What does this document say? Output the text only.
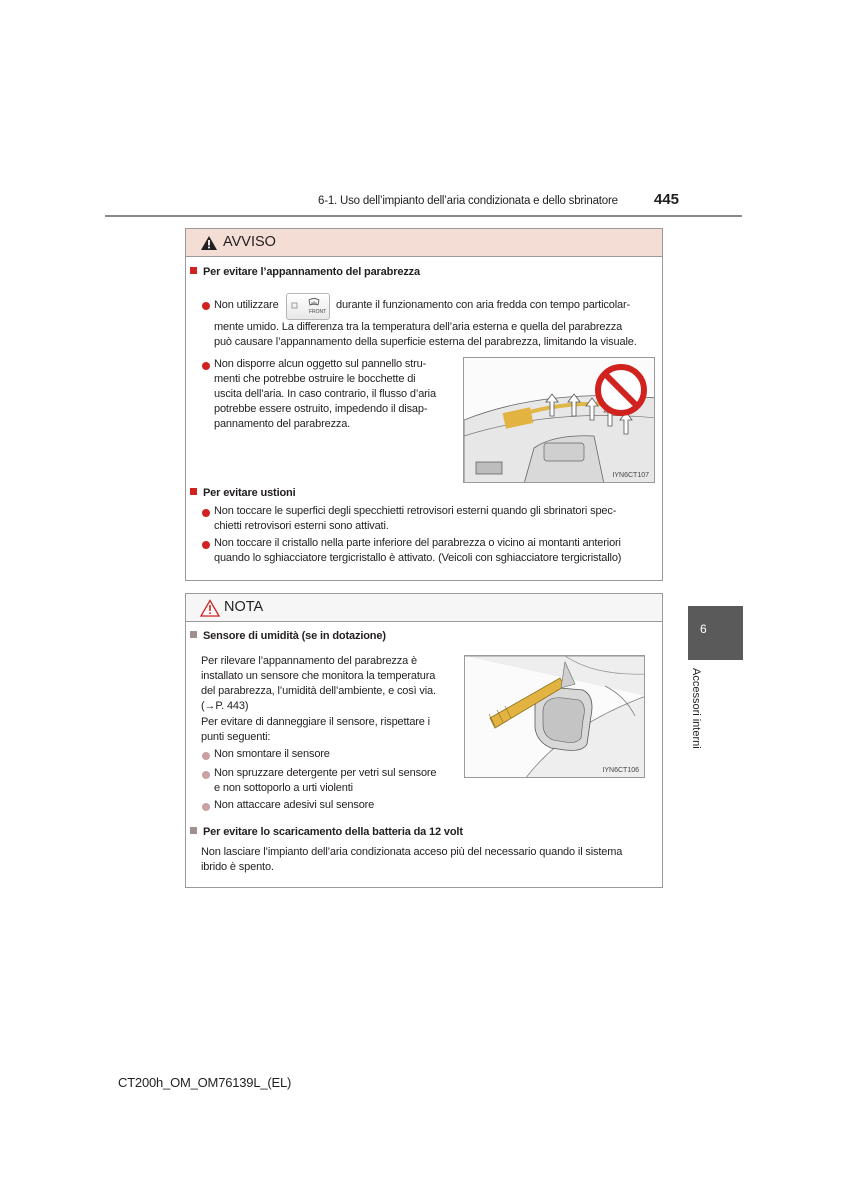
6-1. Uso dell’impianto dell’aria condizionata e dello sbrinatore 445
AVVISO
Per evitare l’appannamento del parabrezza
Non utilizzare
FRONT
durante il funzionamento con aria fredda con tempo particolar-
mente umido. La differenza tra la temperatura dell’aria esterna e quella del parabrezza
può causare l’appannamento della superficie esterna del parabrezza, limitando la visuale.
Non disporre alcun oggetto sul pannello stru-
menti che potrebbe ostruire le bocchette di
uscita dell’aria. In caso contrario, il flusso d’aria
potrebbe essere ostruito, impedendo il disap-
pannamento del parabrezza.
IYN6CT107
Per evitare ustioni
Non toccare le superfici degli specchietti retrovisori esterni quando gli sbrinatori spec-
chietti retrovisori esterni sono attivati.
Non toccare il cristallo nella parte inferiore del parabrezza o vicino ai montanti anteriori
quando lo sghiacciatore tergicristallo è attivato. (Veicoli con sghiacciatore tergicristallo)
NOTA
Sensore di umidità (se in dotazione)
Per rilevare l’appannamento del parabrezza è
installato un sensore che monitora la temperatura
del parabrezza, l’umidità dell’ambiente, e così via.
(→P. 443)
Per evitare di danneggiare il sensore, rispettare i
punti seguenti:
Non smontare il sensore
Non spruzzare detergente per vetri sul sensore
e non sottoporlo a urti violenti
Non attaccare adesivi sul sensore
IYN6CT106
Per evitare lo scaricamento della batteria da 12 volt
Non lasciare l’impianto dell’aria condizionata acceso più del necessario quando il sistema
ibrido è spento.
6
Accessori interni
CT200h_OM_OM76139L_(EL)
